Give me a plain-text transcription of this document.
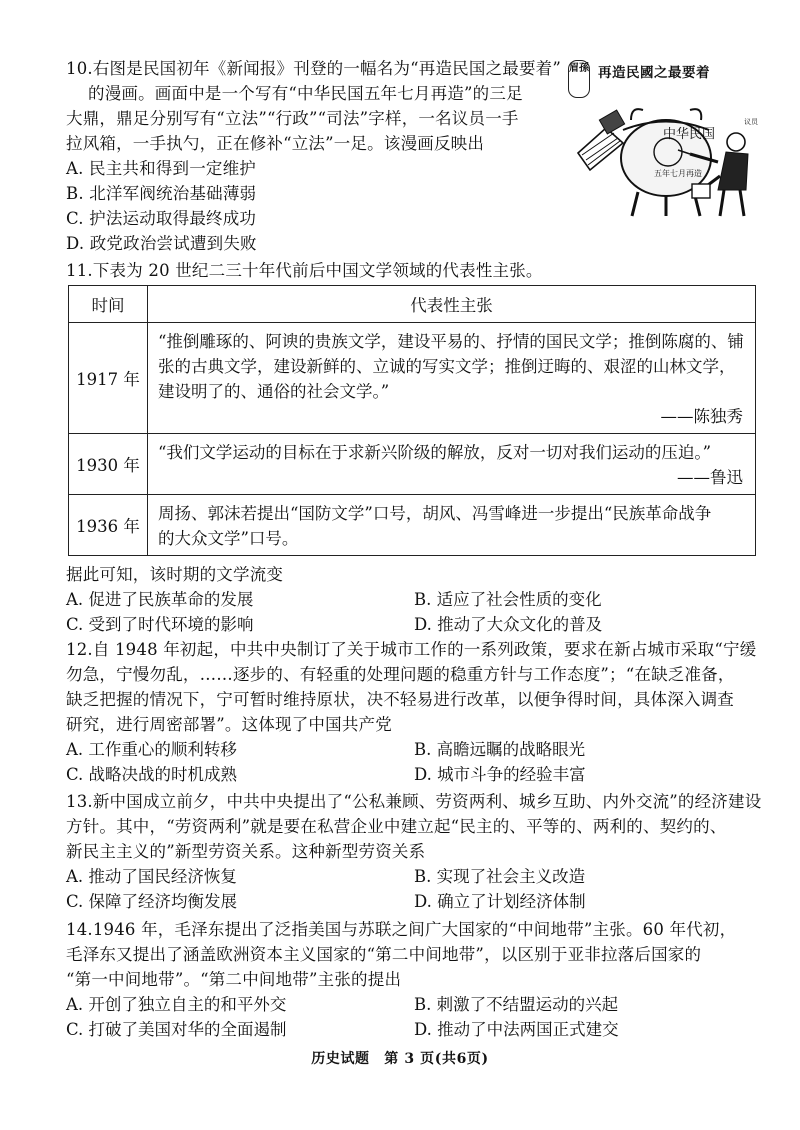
10.右图是民国初年《新闻报》刊登的一幅名为“再造民国之最要着”
的漫画。画面中是一个写有“中华民国五年七月再造”的三足
大鼎，鼎足分别写有“立法”“行政”“司法”字样，一名议员一手
拉风箱，一手执勺，正在修补“立法”一足。该漫画反映出
A. 民主共和得到一定维护
B. 北洋军阀统治基础薄弱
C. 护法运动取得最终成功
D. 政党政治尝试遭到失败
眉孫 再造民國之最要着
中华民国
五年七月再造
议员
11.下表为 20 世纪二三十年代前后中国文学领域的代表性主张。
时间	代表性主张
1917 年	“推倒雕琢的、阿谀的贵族文学，建设平易的、抒情的国民文学；推倒陈腐的、铺
张的古典文学，建设新鲜的、立诚的写实文学；推倒迂晦的、艰涩的山林文学，
建设明了的、通俗的社会文学。”
——陈独秀

1930 年	“我们文学运动的目标在于求新兴阶级的解放，反对一切对我们运动的压迫。”
——鲁迅

1936 年	周扬、郭沫若提出“国防文学”口号，胡风、冯雪峰进一步提出“民族革命战争
的大众文学”口号。
据此可知，该时期的文学流变
A. 促进了民族革命的发展	B. 适应了社会性质的变化
C. 受到了时代环境的影响	D. 推动了大众文化的普及
12.自 1948 年初起，中共中央制订了关于城市工作的一系列政策，要求在新占城市采取“宁缓
勿急，宁慢勿乱，……逐步的、有轻重的处理问题的稳重方针与工作态度”；“在缺乏准备，
缺乏把握的情况下，宁可暂时维持原状，决不轻易进行改革，以便争得时间，具体深入调查
研究，进行周密部署”。这体现了中国共产党
A. 工作重心的顺利转移	B. 高瞻远瞩的战略眼光
C. 战略决战的时机成熟	D. 城市斗争的经验丰富
13.新中国成立前夕，中共中央提出了“公私兼顾、劳资两利、城乡互助、内外交流”的经济建设
方针。其中，“劳资两利”就是要在私营企业中建立起“民主的、平等的、两利的、契约的、
新民主主义的”新型劳资关系。这种新型劳资关系
A. 推动了国民经济恢复	B. 实现了社会主义改造
C. 保障了经济均衡发展	D. 确立了计划经济体制
14.1946 年，毛泽东提出了泛指美国与苏联之间广大国家的“中间地带”主张。60 年代初，
毛泽东又提出了涵盖欧洲资本主义国家的“第二中间地带”，以区别于亚非拉落后国家的
“第一中间地带”。“第二中间地带”主张的提出
A. 开创了独立自主的和平外交	B. 刺激了不结盟运动的兴起
C. 打破了美国对华的全面遏制	D. 推动了中法两国正式建交
历史试题　第 3 页(共6页)
